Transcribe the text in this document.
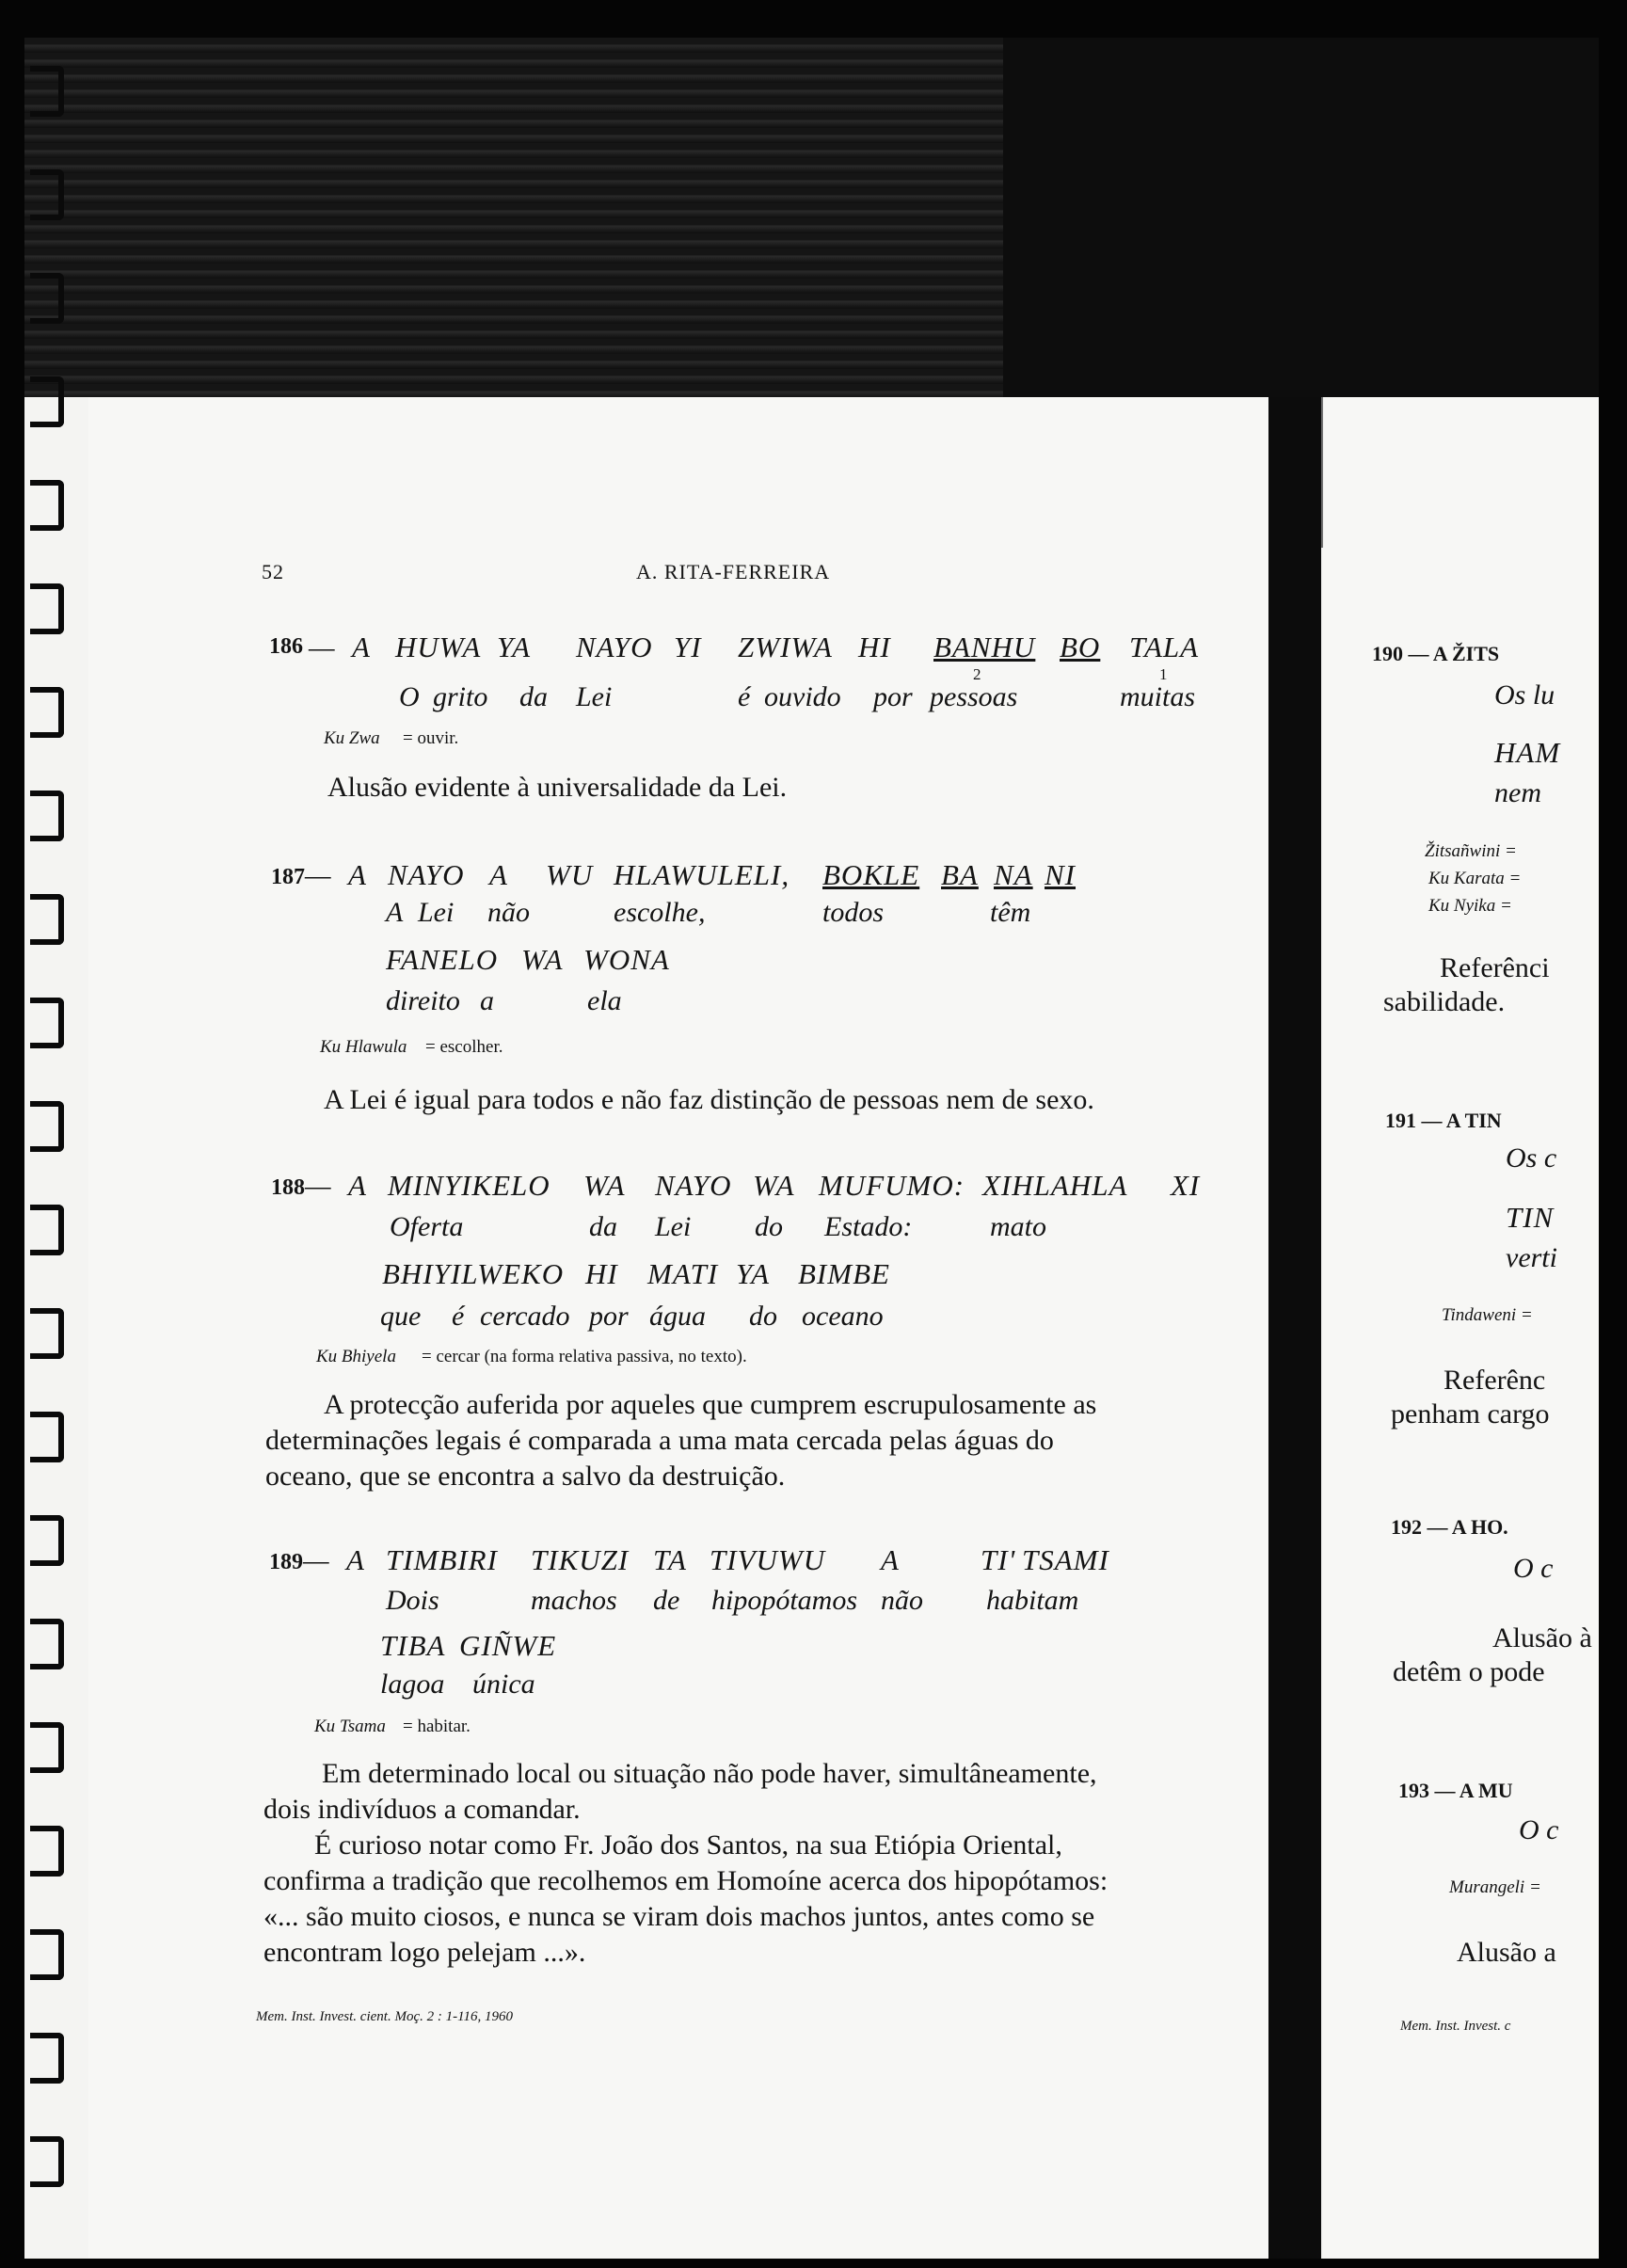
52	A. RITA-FERREIRA
186 — A HUWA YA NAYO YI ZWIWA HI BANHU BO TALA
2	1
O grito da Lei	é ouvido por pessoas	muitas
Ku Zwa = ouvir.
Alusão evidente à universalidade da Lei.
187 — A NAYO A WU HLAWULELI, BOKLE BA NA NI
A Lei não	escolhe,	todos	têm
FANELO WA WONA
direito a	ela
Ku Hlawula = escolher.
A Lei é igual para todos e não faz distinção de pessoas nem de sexo.
188 — A MINYIKELO WA NAYO WA MUFUMO: XIHLAHLA XI
Oferta	da Lei do Estado:	mato
BHIYILWEKO HI MATI YA BIMBE
que é cercado por água do oceano
Ku Bhiyela = cercar (na forma relativa passiva, no texto).
A protecção auferida por aqueles que cumprem escrupulosamente as
determinações legais é comparada a uma mata cercada pelas águas do
oceano, que se encontra a salvo da destruição.
189 — A TIMBIRI TIKUZI TA TIVUWU A	TI' TSAMI
Dois	machos de hipopótamos não habitam
TIBA GIÑWE
lagoa única
Ku Tsama = habitar.
Em determinado local ou situação não pode haver, simultâneamente,
dois indivíduos a comandar.
É curioso notar como Fr. João dos Santos, na sua Etiópia Oriental,
confirma a tradição que recolhemos em Homoíne acerca dos hipopótamos:
«... são muito ciosos, e nunca se viram dois machos juntos, antes como se
encontram logo pelejam ...».
Mem. Inst. Invest. cient. Moç. 2 : 1-116, 1960
190 — A ŽITS
Os lu
HAM
nem
Žitsañwini =
Ku Karata =
Ku Nyika =
Referênci
sabilidade.
191 — A TIN
Os c
TIN
verti
Tindaweni =
Referênc
penham cargo
192 — A HO.
O c
Alusão à
detêm o pode
193 — A MU
O c
Murangeli =
Alusão a
Mem. Inst. Invest. c
